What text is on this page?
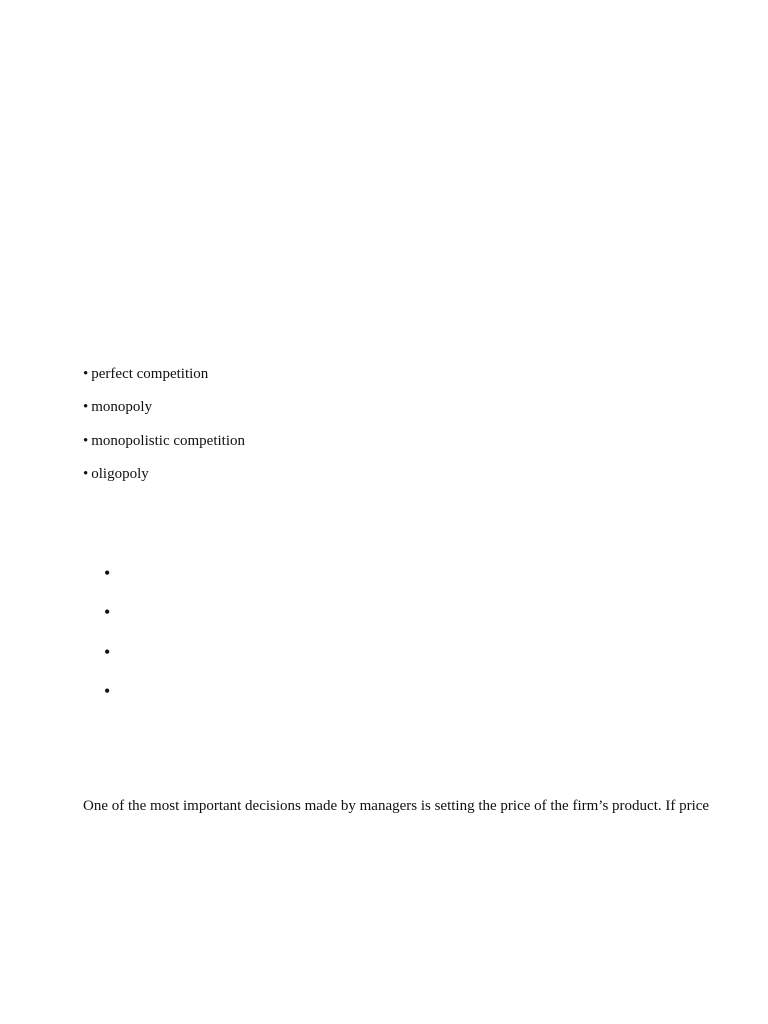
• perfect competition
• monopoly
• monopolistic competition
• oligopoly
•
•
•
•

One of the most important decisions made by managers is setting the price of the firm’s product. If price
